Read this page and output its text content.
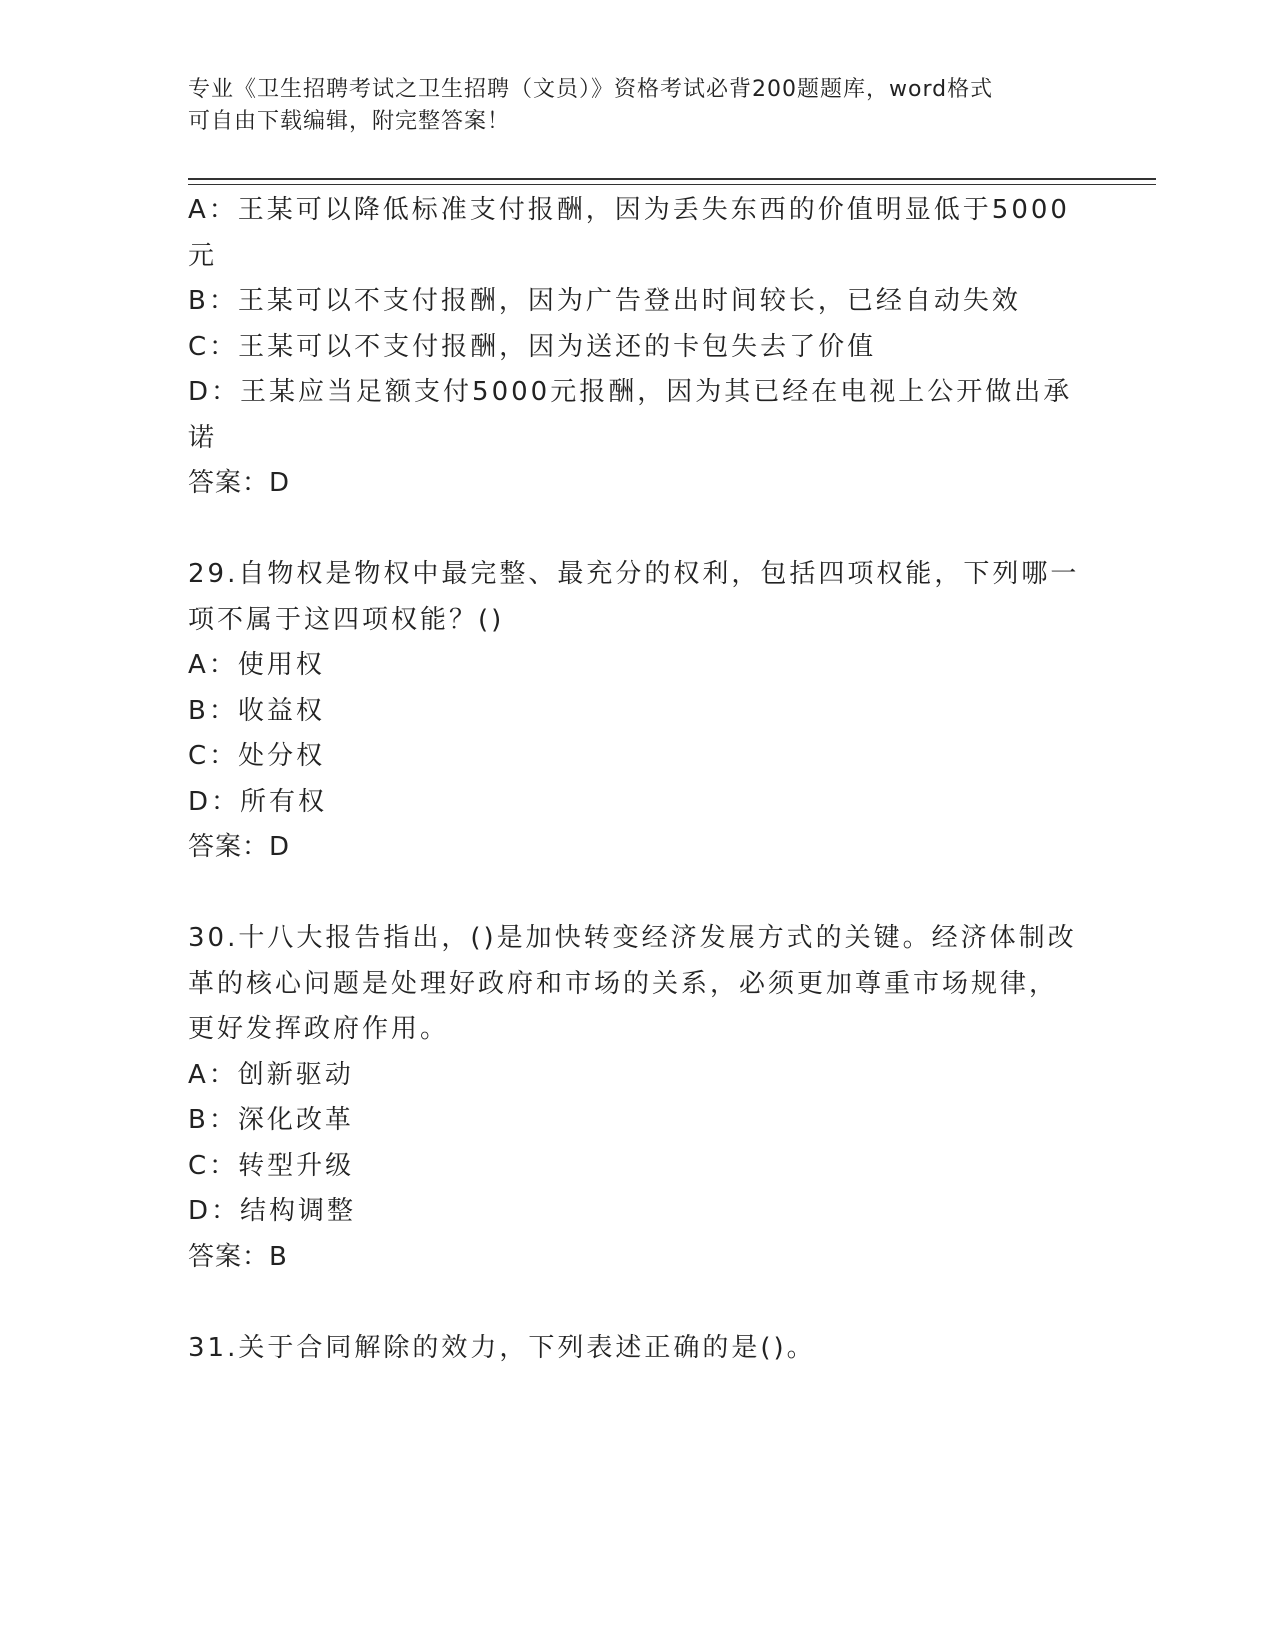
专业《卫生招聘考试之卫生招聘（文员）》资格考试必背200题题库，word格式
可自由下载编辑，附完整答案！
A：王某可以降低标准支付报酬，因为丢失东西的价值明显低于5000
元
B：王某可以不支付报酬，因为广告登出时间较长，已经自动失效
C：王某可以不支付报酬，因为送还的卡包失去了价值
D：王某应当足额支付5000元报酬，因为其已经在电视上公开做出承
诺
答案：D
29.自物权是物权中最完整、最充分的权利，包括四项权能，下列哪一
项不属于这四项权能？()
A：使用权
B：收益权
C：处分权
D：所有权
答案：D
30.十八大报告指出，()是加快转变经济发展方式的关键。经济体制改
革的核心问题是处理好政府和市场的关系，必须更加尊重市场规律，
更好发挥政府作用。
A：创新驱动
B：深化改革
C：转型升级
D：结构调整
答案：B
31.关于合同解除的效力，下列表述正确的是()。
